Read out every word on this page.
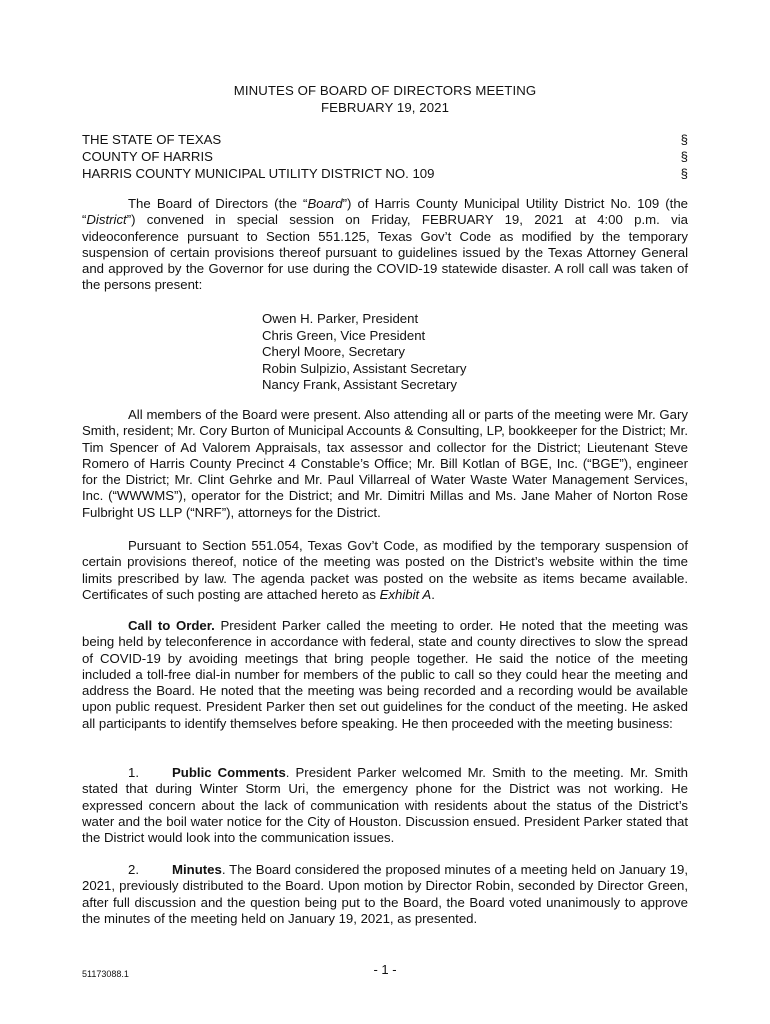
MINUTES OF BOARD OF DIRECTORS MEETING
FEBRUARY 19, 2021
THE STATE OF TEXAS	§
COUNTY OF HARRIS	§
HARRIS COUNTY MUNICIPAL UTILITY DISTRICT NO. 109	§

The Board of Directors (the “Board”) of Harris County Municipal Utility District No. 109 (the “District”) convened in special session on Friday, FEBRUARY 19, 2021 at 4:00 p.m. via videoconference pursuant to Section 551.125, Texas Gov’t Code as modified by the temporary suspension of certain provisions thereof pursuant to guidelines issued by the Texas Attorney General and approved by the Governor for use during the COVID-19 statewide disaster. A roll call was taken of the persons present:

Owen H. Parker, President
Chris Green, Vice President
Cheryl Moore, Secretary
Robin Sulpizio, Assistant Secretary
Nancy Frank, Assistant Secretary

All members of the Board were present. Also attending all or parts of the meeting were Mr. Gary Smith, resident; Mr. Cory Burton of Municipal Accounts & Consulting, LP, bookkeeper for the District; Mr. Tim Spencer of Ad Valorem Appraisals, tax assessor and collector for the District; Lieutenant Steve Romero of Harris County Precinct 4 Constable’s Office; Mr. Bill Kotlan of BGE, Inc. (“BGE”), engineer for the District; Mr. Clint Gehrke and Mr. Paul Villarreal of Water Waste Water Management Services, Inc. (“WWWMS”), operator for the District; and Mr. Dimitri Millas and Ms. Jane Maher of Norton Rose Fulbright US LLP (“NRF”), attorneys for the District.

Pursuant to Section 551.054, Texas Gov’t Code, as modified by the temporary suspension of certain provisions thereof, notice of the meeting was posted on the District’s website within the time limits prescribed by law. The agenda packet was posted on the website as items became available. Certificates of such posting are attached hereto as Exhibit A.

Call to Order. President Parker called the meeting to order. He noted that the meeting was being held by teleconference in accordance with federal, state and county directives to slow the spread of COVID-19 by avoiding meetings that bring people together. He said the notice of the meeting included a toll-free dial-in number for members of the public to call so they could hear the meeting and address the Board. He noted that the meeting was being recorded and a recording would be available upon public request. President Parker then set out guidelines for the conduct of the meeting. He asked all participants to identify themselves before speaking. He then proceeded with the meeting business:

1.	Public Comments. President Parker welcomed Mr. Smith to the meeting. Mr. Smith stated that during Winter Storm Uri, the emergency phone for the District was not working. He expressed concern about the lack of communication with residents about the status of the District’s water and the boil water notice for the City of Houston. Discussion ensued. President Parker stated that the District would look into the communication issues.

2.	Minutes. The Board considered the proposed minutes of a meeting held on January 19, 2021, previously distributed to the Board. Upon motion by Director Robin, seconded by Director Green, after full discussion and the question being put to the Board, the Board voted unanimously to approve the minutes of the meeting held on January 19, 2021, as presented.

51173088.1	- 1 -
